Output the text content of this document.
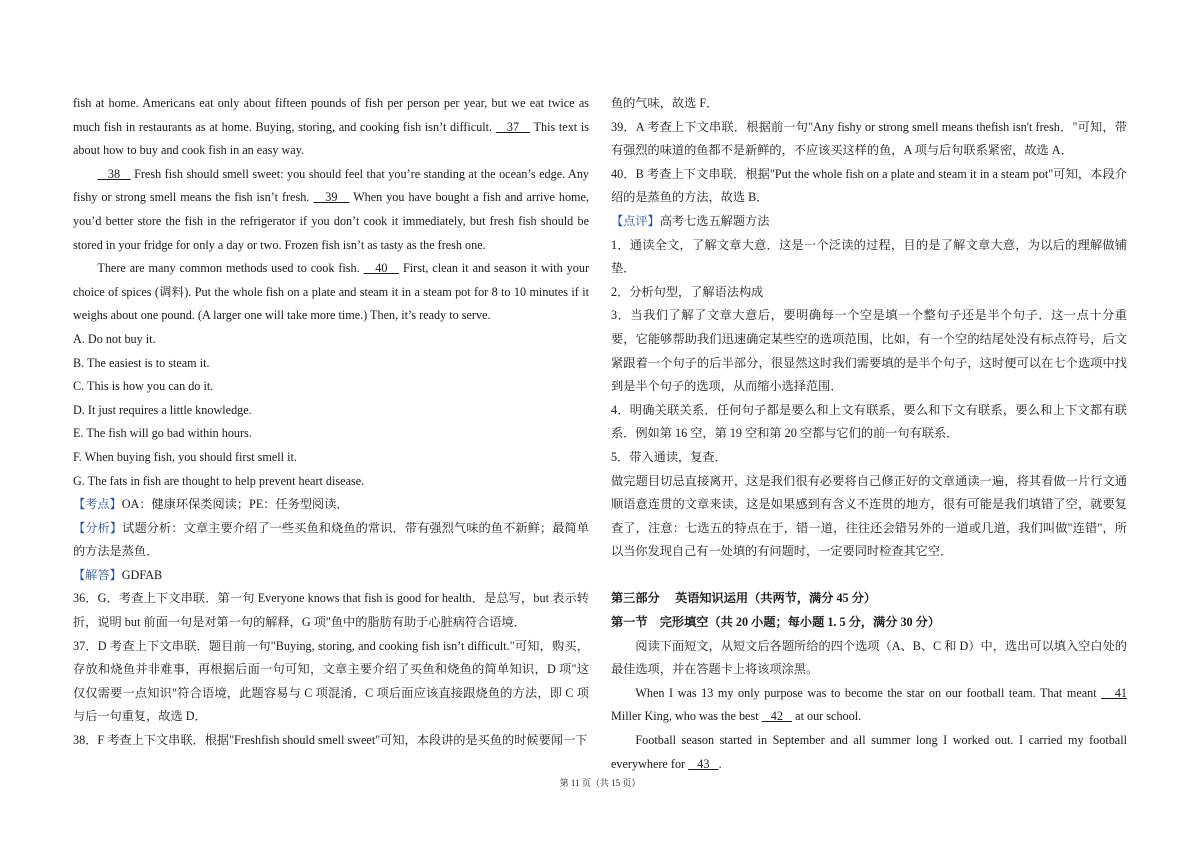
fish at home. Americans eat only about fifteen pounds of fish per person per year, but we eat twice as much fish in restaurants as at home. Buying, storing, and cooking fish isn’t difficult.    37    This text is about how to buy and cook fish in an easy way.

38    Fresh fish should smell sweet: you should feel that you’re standing at the ocean’s edge. Any fishy or strong smell means the fish isn’t fresh.    39    When you have bought a fish and arrive home, you’d better store the fish in the refrigerator if you don’t cook it immediately, but fresh fish should be stored in your fridge for only a day or two. Frozen fish isn’t as tasty as the fresh one.

There are many common methods used to cook fish.    40    First, clean it and season it with your choice of spices (调料). Put the whole fish on a plate and steam it in a steam pot for 8 to 10 minutes if it weighs about one pound. (A larger one will take more time.) Then, it’s ready to serve.

A. Do not buy it.

B. The easiest is to steam it.

C. This is how you can do it.

D. It just requires a little knowledge.

E. The fish will go bad within hours.

F. When buying fish, you should first smell it.

G. The fats in fish are thought to help prevent heart disease.

【考点】OA：健康环保类阅读；PE：任务型阅读．

【分析】试题分析：文章主要介绍了一些买鱼和烧鱼的常识．带有强烈气味的鱼不新鲜；最简单的方法是蒸鱼．

【解答】GDFAB

36．G．考查上下文串联．第一句 Everyone knows that fish is good for health．是总写，but 表示转折，说明 but 前面一句是对第一句的解释，G 项"鱼中的脂肪有助于心脏病符合语境．

37．D 考查上下文串联．题目前一句"Buying, storing, and cooking fish isn’t difficult."可知，购买，存放和烧鱼并非难事，再根据后面一句可知，文章主要介绍了买鱼和烧鱼的简单知识，D 项"这仅仅需要一点知识"符合语境，此题容易与 C 项混淆，C 项后面应该直接跟烧鱼的方法，即 C 项与后一句重复，故选 D．

38．F 考查上下文串联．根据"Freshfish should smell sweet"可知，本段讲的是买鱼的时候要闻一下

鱼的气味，故选 F．

39．A 考查上下文串联．根据前一句"Any fishy or strong smell means thefish isn't fresh．"可知，带有强烈的味道的鱼都不是新鲜的，不应该买这样的鱼，A 项与后句联系紧密，故选 A．

40．B 考查上下文串联．根据"Put the whole fish on a plate and steam it in a steam pot"可知，本段介绍的是蒸鱼的方法，故选 B．

【点评】高考七选五解题方法

1．通读全文，了解文章大意．这是一个泛读的过程，目的是了解文章大意，为以后的理解做铺垫．

2．分析句型，了解语法构成

3．当我们了解了文章大意后，要明确每一个空是填一个整句子还是半个句子．这一点十分重要，它能够帮助我们迅速确定某些空的选项范围，比如，有一个空的结尾处没有标点符号，后文紧跟着一个句子的后半部分，很显然这时我们需要填的是半个句子，这时便可以在七个选项中找到是半个句子的选项，从而缩小选择范围．

4．明确关联关系．任何句子都是要么和上文有联系，要么和下文有联系，要么和上下文都有联系．例如第 16 空，第 19 空和第 20 空都与它们的前一句有联系．

5．带入通读，复查．

做完题目切忌直接离开，这是我们很有必要将自己修正好的文章通读一遍，将其看做一片行文通顺语意连贯的文章来读，这是如果感到有含义不连贯的地方，很有可能是我们填错了空，就要复查了，注意：七选五的特点在于，错一道，往往还会错另外的一道或几道，我们叫做"连错"，所以当你发现自己有一处填的有问题时，一定要同时检查其它空．

第三部分　 英语知识运用（共两节，满分 45 分）

第一节　完形填空（共 20 小题；每小题 1. 5 分，满分 30 分）

阅读下面短文，从短文后各题所给的四个选项（A、B、C 和 D）中，选出可以填入空白处的最佳选项，并在答题卡上将该项涂黑。

When I was 13 my only purpose was to become the star on our football team. That meant    41 Miller King, who was the best    42    at our school.

Football season started in September and all summer long I worked out. I carried my football everywhere for    43   .

第 11 页（共 15 页）
